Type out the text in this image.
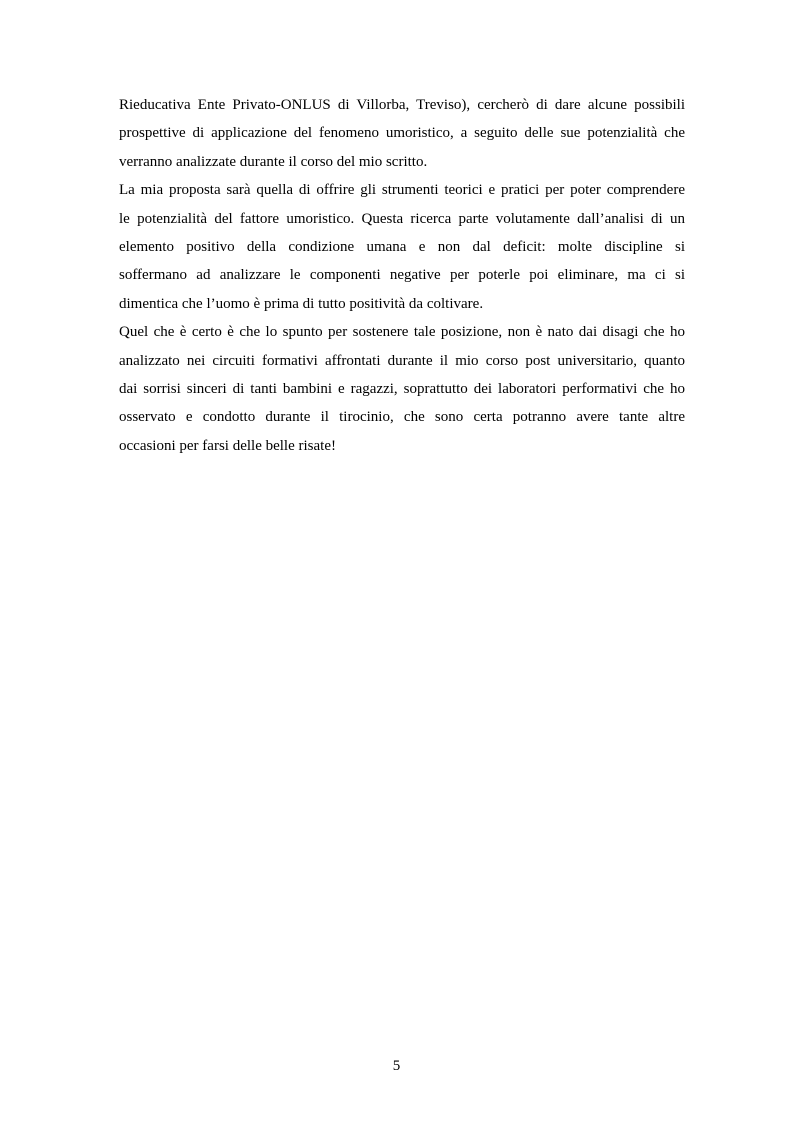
Rieducativa Ente Privato-ONLUS di Villorba, Treviso), cercherò di dare alcune possibili
prospettive di applicazione del fenomeno umoristico, a seguito delle sue potenzialità che
verranno analizzate durante il corso del mio scritto.

La mia proposta sarà quella di offrire gli strumenti teorici e pratici per poter comprendere
le potenzialità del fattore umoristico. Questa ricerca parte volutamente dall’analisi di un
elemento positivo della condizione umana e non dal deficit: molte discipline si
soffermano ad analizzare le componenti negative per poterle poi eliminare, ma ci si
dimentica che l’uomo è prima di tutto positività da coltivare.

Quel che è certo è che lo spunto per sostenere tale posizione, non è nato dai disagi che ho
analizzato nei circuiti formativi affrontati durante il mio corso post universitario, quanto
dai sorrisi sinceri di tanti bambini e ragazzi, soprattutto dei laboratori performativi che ho
osservato e condotto durante il tirocinio, che sono certa potranno avere tante altre
occasioni per farsi delle belle risate!

5
